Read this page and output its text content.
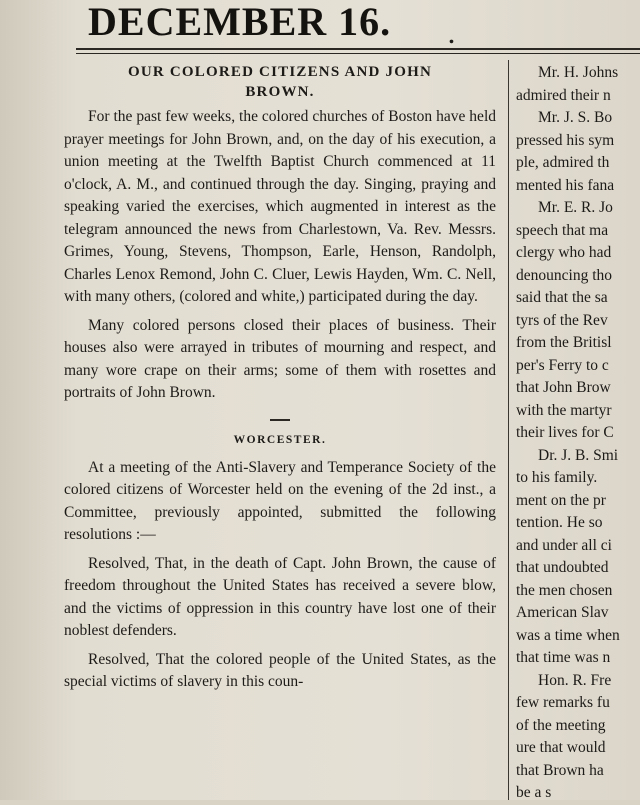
DECEMBER 16.	.
OUR COLORED CITIZENS AND JOHN
BROWN.

For the past few weeks, the colored churches of Boston have held prayer meetings for John Brown, and, on the day of his execution, a union meeting at the Twelfth Baptist Church commenced at 11 o'clock, A. M., and continued through the day. Singing, praying and speaking varied the exercises, which augmented in interest as the telegram announced the news from Charlestown, Va. Rev. Messrs. Grimes, Young, Stevens, Thompson, Earle, Henson, Randolph, Charles Lenox Remond, John C. Cluer, Lewis Hayden, Wm. C. Nell, with many others, (colored and white,) participated during the day.

Many colored persons closed their places of business. Their houses also were arrayed in tributes of mourning and respect, and many wore crape on their arms; some of them with rosettes and portraits of John Brown.

WORCESTER.

At a meeting of the Anti-Slavery and Temperance Society of the colored citizens of Worcester held on the evening of the 2d inst., a Committee, previously appointed, submitted the following resolutions :—

Resolved, That, in the death of Capt. John Brown, the cause of freedom throughout the United States has received a severe blow, and the victims of oppression in this country have lost one of their noblest defenders.

Resolved, That the colored people of the United States, as the special victims of slavery in this coun-

Mr. H. Johns
admired their n
Mr. J. S. Bo
pressed his sym
ple, admired th
mented his fana
Mr. E. R. Jo
speech that ma
clergy who had
denouncing tho
said that the sa
tyrs of the Rev
from the Britisl
per's Ferry to c
that John Brow
with the martyr
their lives for C
Dr. J. B. Smi
to his family.
ment on the pr
tention. He so
and under all ci
that undoubted
the men chosen
American Slav
was a time when
that time was n
Hon. R. Fre
few remarks fu
of the meeting
ure that would
that Brown ha
be a s
